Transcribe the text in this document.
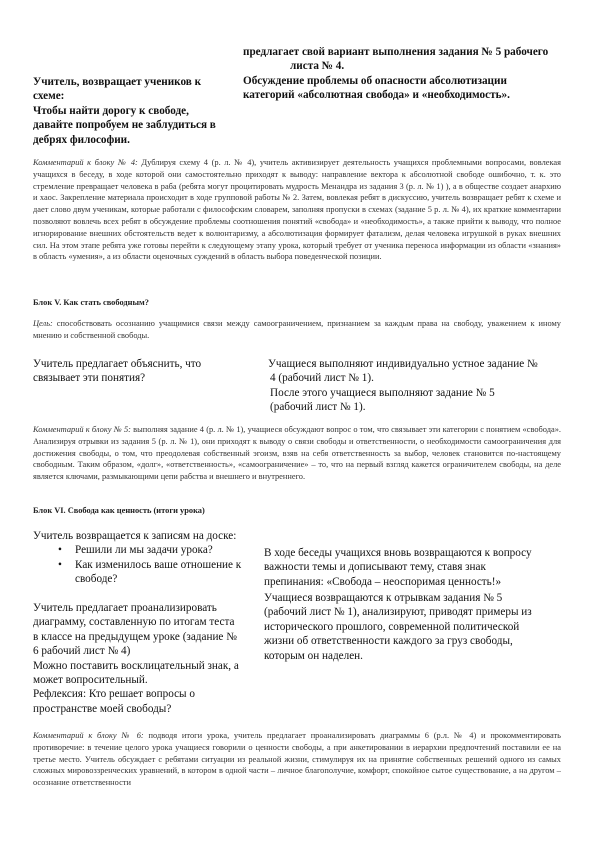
предлагает свой вариант выполнения задания № 5 рабочего

листа № 4.

Обсуждение проблемы об опасности абсолютизации

категорий «абсолютная свобода» и «необходимость».

Учитель, возвращает учеников к

схеме:

Чтобы найти дорогу к свободе,

давайте попробуем не заблудиться в

дебрях философии.

Комментарий к блоку № 4: Дублируя схему 4 (р. л. № 4), учитель активизирует деятельность учащихся проблемными вопросами, вовлекая учащихся в беседу, в ходе которой они самостоятельно приходят к выводу: направление вектора к абсолютной свободе ошибочно, т. к. это стремление превращает человека в раба (ребята могут процитировать мудрость Менандра из задания 3 (р. л. № 1) ), а в обществе создает анархию и хаос. Закрепление материала происходит в ходе групповой работы № 2. Затем, вовлекая ребят в дискуссию, учитель возвращает ребят к схеме и дает слово двум ученикам, которые работали с философским словарем, заполняя пропуски в схемах (задание 5 р. л. № 4), их краткие комментарии позволяют вовлечь всех ребят в обсуждение проблемы соотношения понятий «свобода» и «необходимость», а также прийти к выводу, что полное игнорирование внешних обстоятельств ведет к волюнтаризму, а абсолютизация формирует фатализм, делая человека игрушкой в руках внешних сил. На этом этапе ребята уже готовы перейти к следующему этапу урока, который требует от ученика переноса информации из области «знания» в область «умения», а из области оценочных суждений в область выбора поведенческой позиции.
Блок V. Как стать свободным?
Цель: способствовать осознанию учащимися связи между самоограничением, признанием за каждым права на свободу, уважением к иному мнению и собственной свободы.

Учитель предлагает объяснить, что

связывает эти понятия?

Учащиеся выполняют индивидуально устное задание №

4 (рабочий лист № 1).

После этого учащиеся выполняют задание № 5

(рабочий лист № 1).

Комментарий к блоку № 5: выполняя задание 4 (р. л. № 1), учащиеся обсуждают вопрос о том, что связывает эти категории с понятием «свобода». Анализируя отрывки из задания 5 (р. л. № 1), они приходят к выводу о связи свободы и ответственности, о необходимости самоограничения для достижения свободы, о том, что преодолевая собственный эгоизм, взяв на себя ответственность за выбор, человек становится по-настоящему свободным. Таким образом, «долг», «ответственность», «самоограничение» – то, что на первый взгляд кажется ограничителем свободы, на деле является ключами, размыкающими цепи рабства и внешнего и внутреннего.
Блок VI. Свобода как ценность (итоги урока)

Учитель возвращается к записям на доске:

• Решили ли мы задачи урока?
• Как изменилось ваше отношение к свободе?

Учитель предлагает проанализировать

диаграмму, составленную по итогам теста

в классе на предыдущем уроке (задание №

6 рабочий лист № 4)

Можно поставить восклицательный знак, а

может вопросительный.

Рефлексия: Кто решает вопросы о

пространстве моей свободы?

В ходе беседы учащихся вновь возвращаются к вопросу

важности темы и дописывают тему, ставя знак

препинания: «Свобода – неоспоримая ценность!»

Учащиеся возвращаются к отрывкам задания № 5

(рабочий лист № 1), анализируют, приводят примеры из

исторического прошлого, современной политической

жизни об ответственности каждого за груз свободы,

которым он наделен.

Комментарий к блоку № 6: подводя итоги урока, учитель предлагает проанализировать диаграммы 6 (р.л. № 4) и прокомментировать противоречие: в течение целого урока учащиеся говорили о ценности свободы, а при анкетировании в иерархии предпочтений поставили ее на третье место. Учитель обсуждает с ребятами ситуации из реальной жизни, стимулируя их на принятие собственных решений одного из самых сложных мировоззренческих уравнений, в котором в одной части – личное благополучие, комфорт, спокойное сытое существование, а на другом – осознание ответственности
